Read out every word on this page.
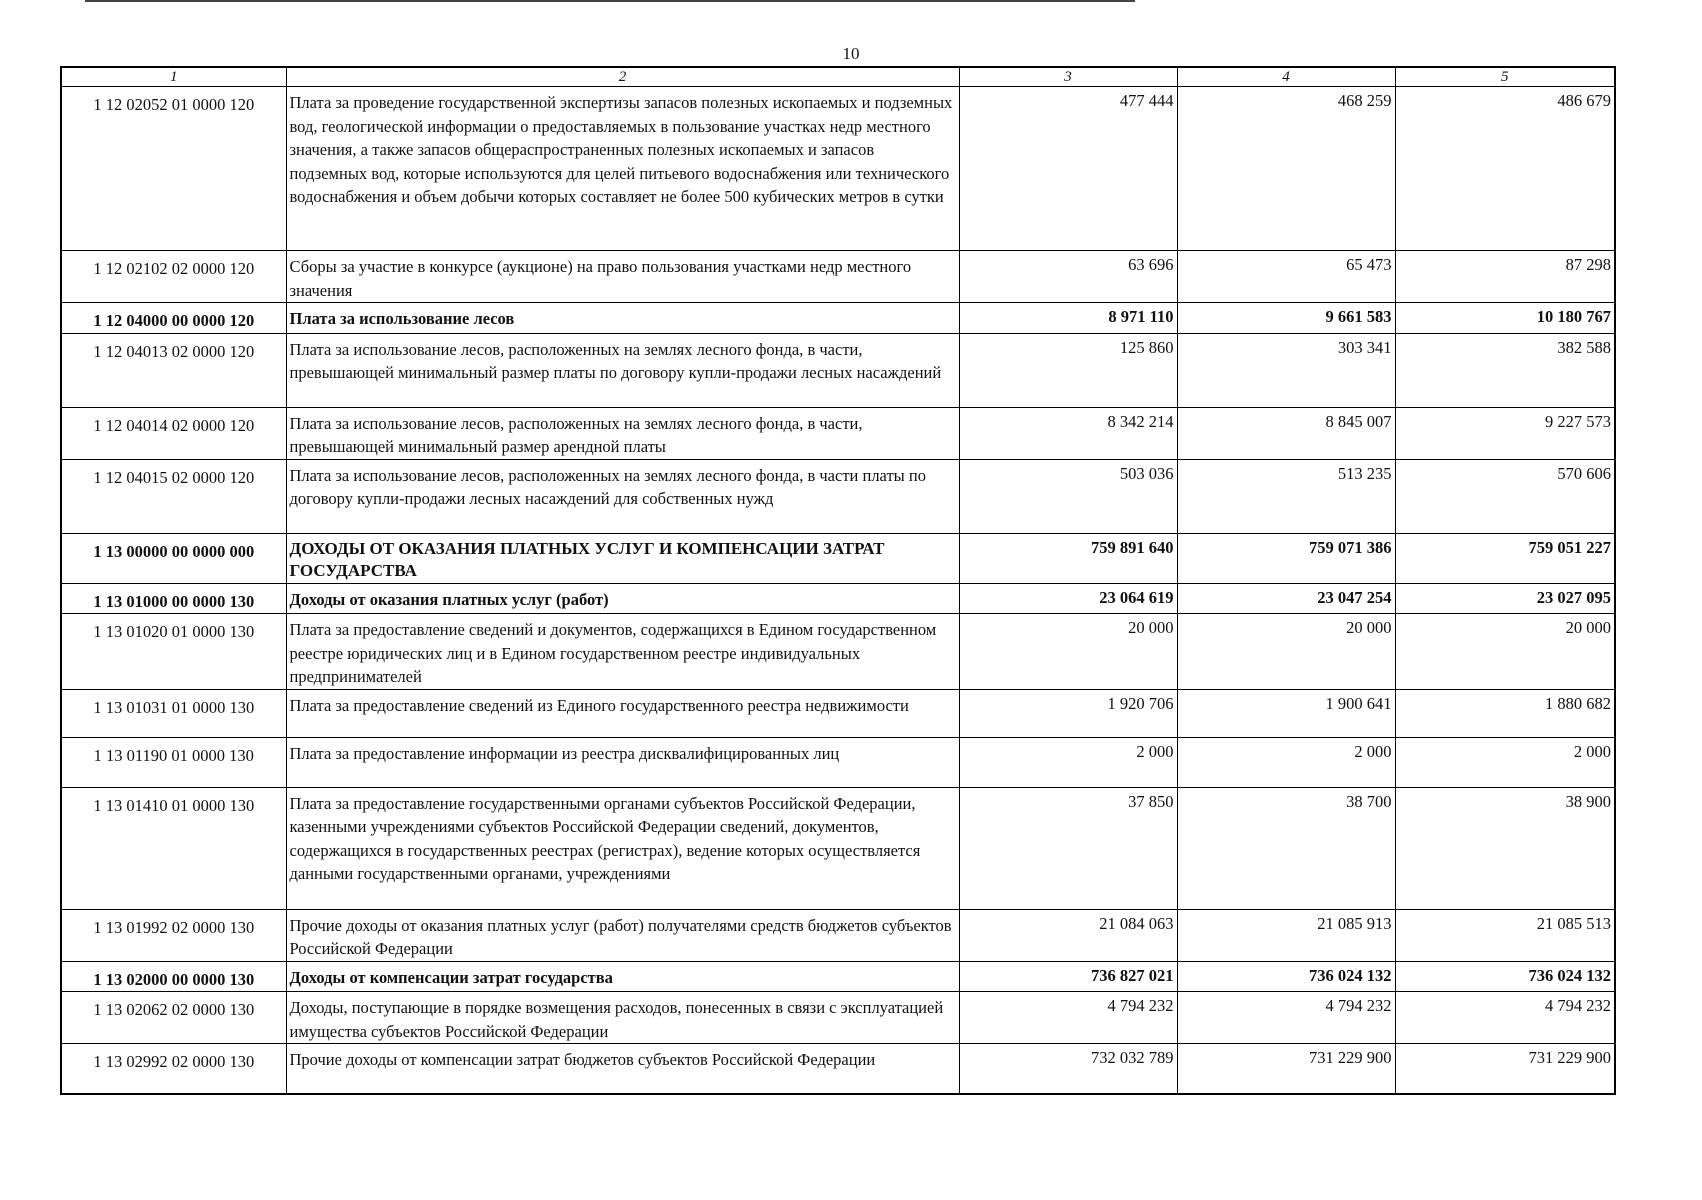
10
1	2	3	4	5
1 12 02052 01 0000 120	Плата за проведение государственной экспертизы запасов полезных ископаемых и подземных вод, геологической информации о предоставляемых в пользование участках недр местного значения, а также запасов общераспространенных полезных ископаемых и запасов подземных вод, которые используются для целей питьевого водоснабжения или технического водоснабжения и объем добычи которых составляет не более 500 кубических метров в сутки	477 444	468 259	486 679
1 12 02102 02 0000 120	Сборы за участие в конкурсе (аукционе) на право пользования участками недр местного значения	63 696	65 473	87 298
1 12 04000 00 0000 120	Плата за использование лесов	8 971 110	9 661 583	10 180 767
1 12 04013 02 0000 120	Плата за использование лесов, расположенных на землях лесного фонда, в части, превышающей минимальный размер платы по договору купли-продажи лесных насаждений	125 860	303 341	382 588
1 12 04014 02 0000 120	Плата за использование лесов, расположенных на землях лесного фонда, в части, превышающей минимальный размер арендной платы	8 342 214	8 845 007	9 227 573
1 12 04015 02 0000 120	Плата за использование лесов, расположенных на землях лесного фонда, в части платы по договору купли-продажи лесных насаждений для собственных нужд	503 036	513 235	570 606
1 13 00000 00 0000 000	ДОХОДЫ ОТ ОКАЗАНИЯ ПЛАТНЫХ УСЛУГ И КОМПЕНСАЦИИ ЗАТРАТ ГОСУДАРСТВА	759 891 640	759 071 386	759 051 227
1 13 01000 00 0000 130	Доходы от оказания платных услуг (работ)	23 064 619	23 047 254	23 027 095
1 13 01020 01 0000 130	Плата за предоставление сведений и документов, содержащихся в Едином государственном реестре юридических лиц и в Едином государственном реестре индивидуальных предпринимателей	20 000	20 000	20 000
1 13 01031 01 0000 130	Плата за предоставление сведений из Единого государственного реестра недвижимости	1 920 706	1 900 641	1 880 682
1 13 01190 01 0000 130	Плата за предоставление информации из реестра дисквалифицированных лиц	2 000	2 000	2 000
1 13 01410 01 0000 130	Плата за предоставление государственными органами субъектов Российской Федерации, казенными учреждениями субъектов Российской Федерации сведений, документов, содержащихся в государственных реестрах (регистрах), ведение которых осуществляется данными государственными органами, учреждениями	37 850	38 700	38 900
1 13 01992 02 0000 130	Прочие доходы от оказания платных услуг (работ) получателями средств бюджетов субъектов Российской Федерации	21 084 063	21 085 913	21 085 513
1 13 02000 00 0000 130	Доходы от компенсации затрат государства	736 827 021	736 024 132	736 024 132
1 13 02062 02 0000 130	Доходы, поступающие в порядке возмещения расходов, понесенных в связи с эксплуатацией имущества субъектов Российской Федерации	4 794 232	4 794 232	4 794 232
1 13 02992 02 0000 130	Прочие доходы от компенсации затрат бюджетов субъектов Российской Федерации	732 032 789	731 229 900	731 229 900
